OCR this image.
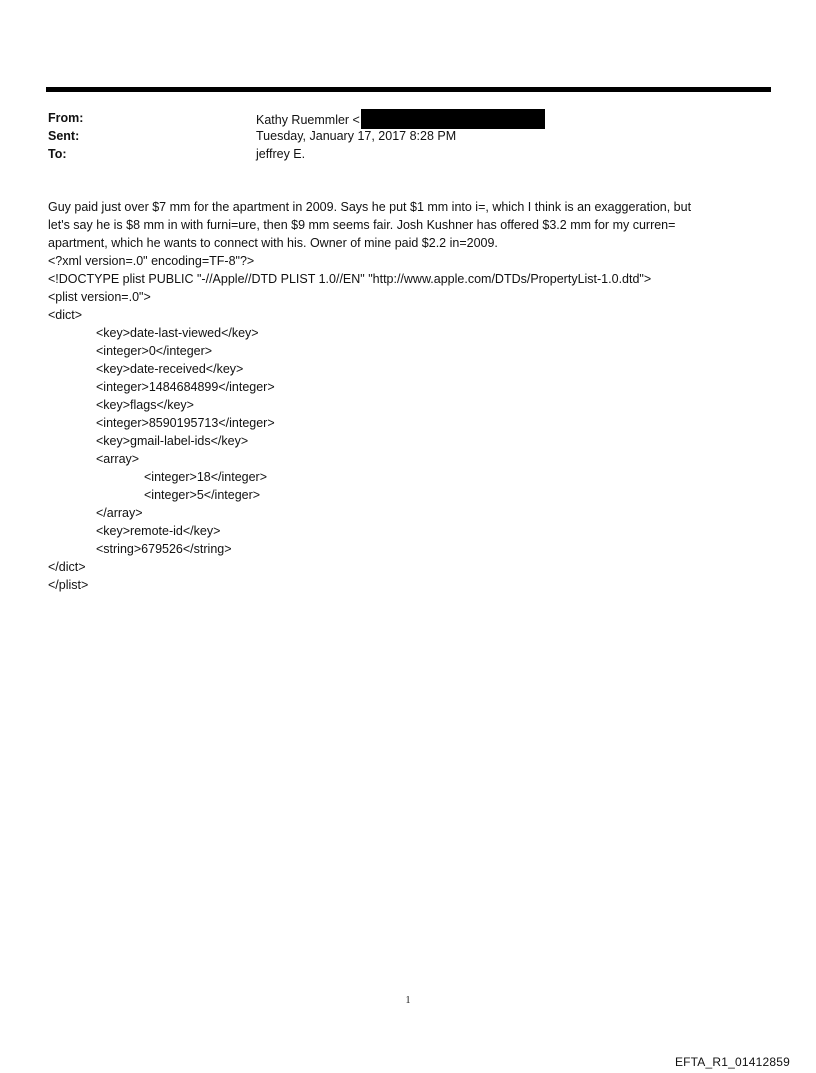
From:	Kathy Ruemmler <
Sent:	Tuesday, January 17, 2017 8:28 PM
To:	jeffrey E.
Guy paid just over $7 mm for the apartment in 2009. Says he put $1 mm into i=, which I think is an exaggeration, but
let's say he is $8 mm in with furni=ure, then $9 mm seems fair. Josh Kushner has offered $3.2 mm for my curren=
apartment, which he wants to connect with his. Owner of mine paid $2.2 in=2009.
<?xml version=.0" encoding=TF-8"?>
<!DOCTYPE plist PUBLIC "-//Apple//DTD PLIST 1.0//EN" "http://www.apple.com/DTDs/PropertyList-1.0.dtd">
<plist version=.0">
<dict>
<key>date-last-viewed</key>
<integer>0</integer>
<key>date-received</key>
<integer>1484684899</integer>
<key>flags</key>
<integer>8590195713</integer>
<key>gmail-label-ids</key>
<array>
<integer>18</integer>
<integer>5</integer>
</array>
<key>remote-id</key>
<string>679526</string>
</dict>
</plist>
1
EFTA_R1_01412859
